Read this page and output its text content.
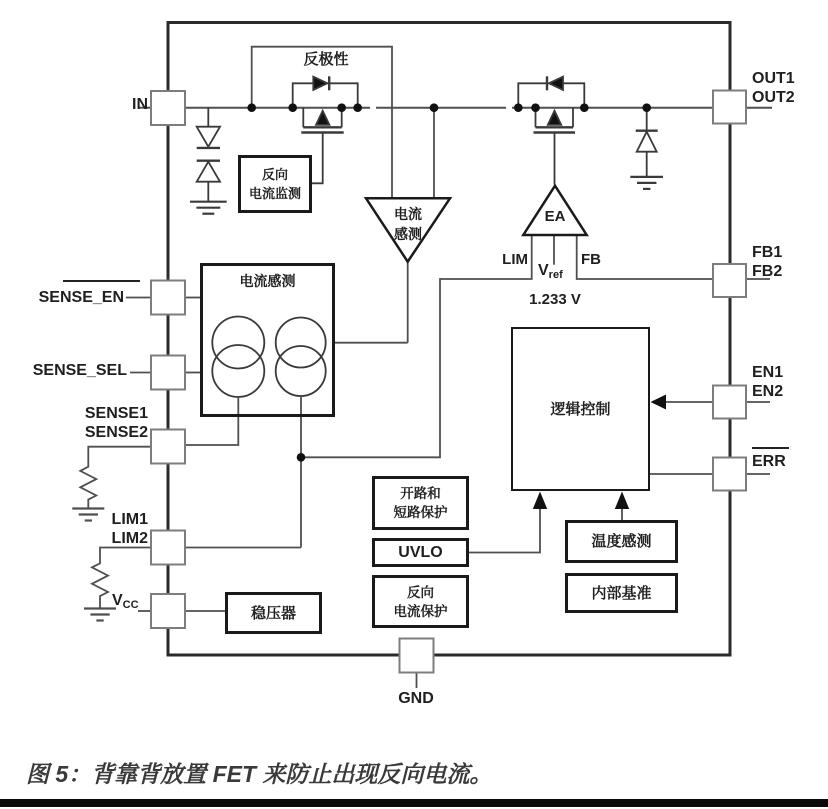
反向
电流监测
电流感测
逻辑控制
开路和
短路保护
UVLO
反向
电流保护
稳压器
温度感测
内部基准
反极性
电流
感测
EA
LIM	FB
$V_{ref}$
1.233 V
IN
OUT1
OUT2
FB1
FB2
EN1
EN2
ERR
SENSE_EN
SENSE_SEL
SENSE1
SENSE2
LIM1
LIM2
$V_{CC}$
GND
图 5：背靠背放置 FET 来防止出现反向电流。
